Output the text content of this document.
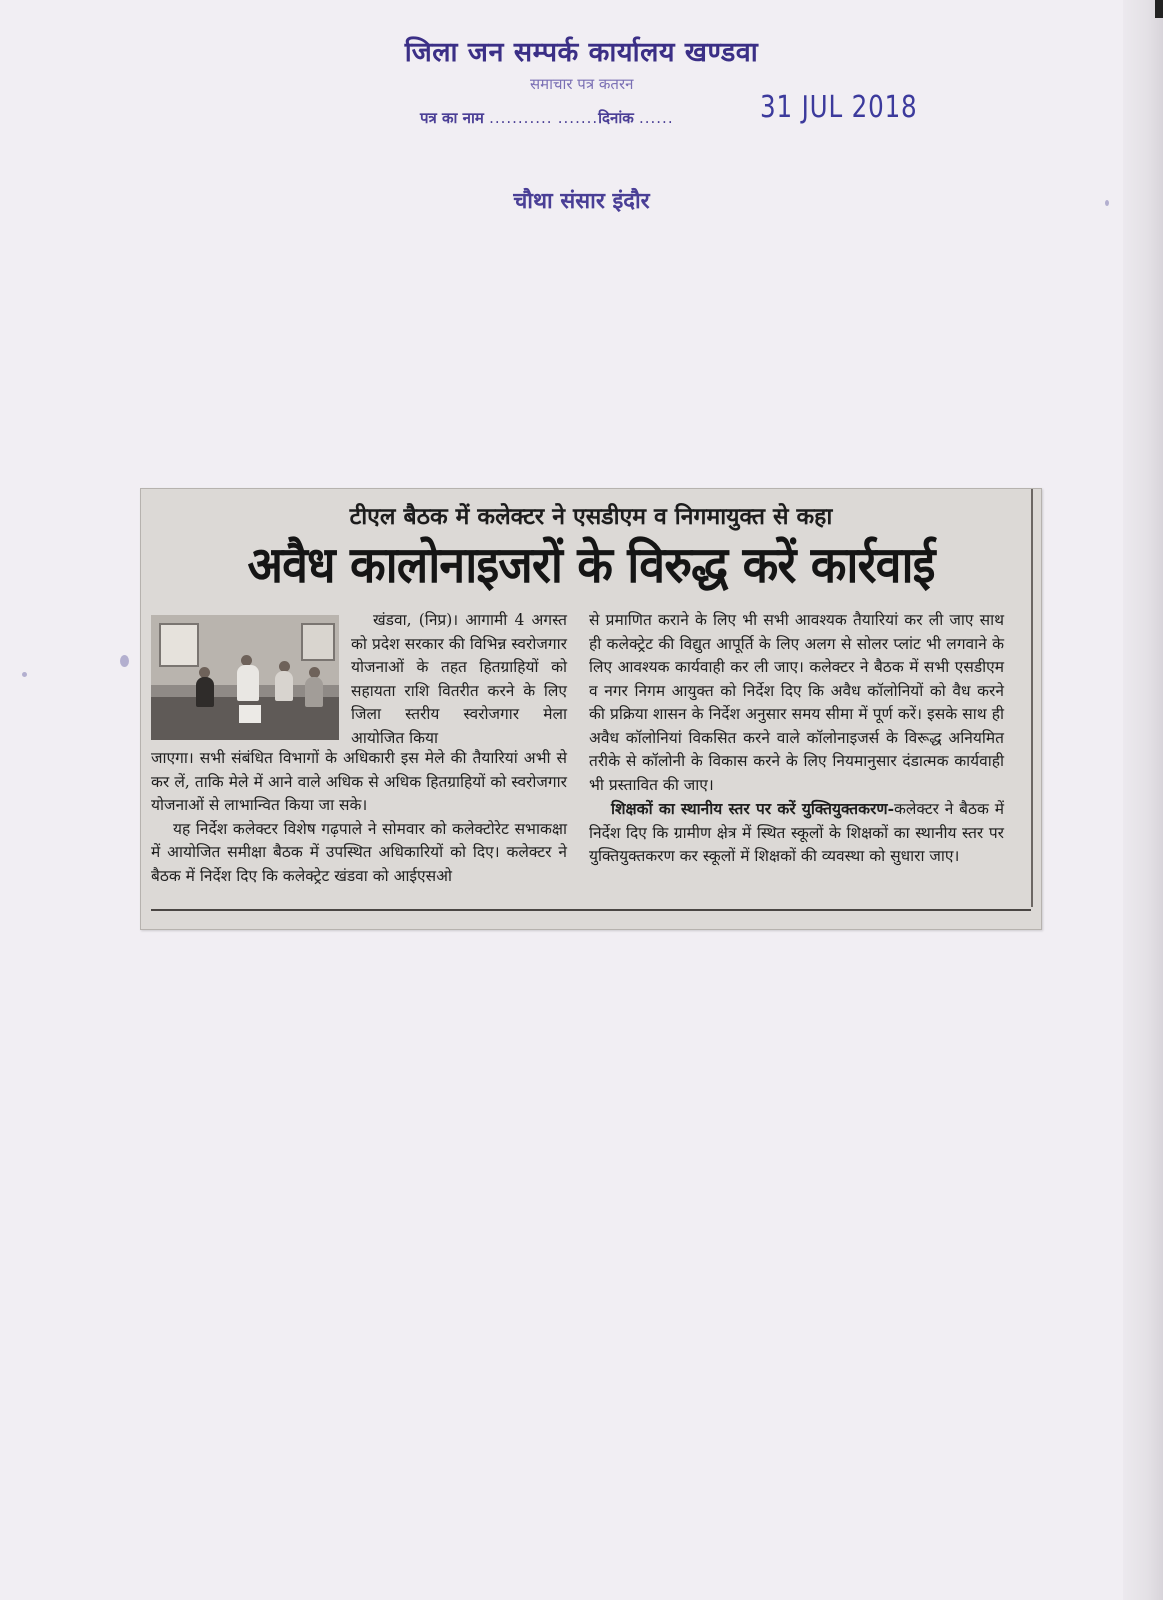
जिला जन सम्पर्क कार्यालय खण्डवा
समाचार पत्र कतरन
पत्र का नाम ........... .......दिनांक ......	31 JUL 2018
चौथा संसार इंदौर
टीएल बैठक में कलेक्टर ने एसडीएम व निगमायुक्त से कहा
अवैध कालोनाइजरों के विरुद्ध करें कार्रवाई

खंडवा, (निप्र)। आगामी 4 अगस्त को प्रदेश सरकार की विभिन्न स्वरोजगार योजनाओं के तहत हितग्राहियों को सहायता राशि वितरीत करने के लिए जिला स्तरीय स्वरोजगार मेला आयोजित किया

जाएगा। सभी संबंधित विभागों के अधिकारी इस मेले की तैयारियां अभी से कर लें, ताकि मेले में आने वाले अधिक से अधिक हितग्राहियों को स्वरोजगार योजनाओं से लाभान्वित किया जा सके।

यह निर्देश कलेक्टर विशेष गढ़पाले ने सोमवार को कलेक्टोरेट सभाकक्षा में आयोजित समीक्षा बैठक में उपस्थित अधिकारियों को दिए। कलेक्टर ने बैठक में निर्देश दिए कि कलेक्ट्रेट खंडवा को आईएसओ

से प्रमाणित कराने के लिए भी सभी आवश्यक तैयारियां कर ली जाए साथ ही कलेक्ट्रेट की विद्युत आपूर्ति के लिए अलग से सोलर प्लांट भी लगवाने के लिए आवश्यक कार्यवाही कर ली जाए। कलेक्टर ने बैठक में सभी एसडीएम व नगर निगम आयुक्त को निर्देश दिए कि अवैध कॉलोनियों को वैध करने की प्रक्रिया शासन के निर्देश अनुसार समय सीमा में पूर्ण करें। इसके साथ ही अवैध कॉलोनियां विकसित करने वाले कॉलोनाइजर्स के विरूद्ध अनियमित तरीके से कॉलोनी के विकास करने के लिए नियमानुसार दंडात्मक कार्यवाही भी प्रस्तावित की जाए।

शिक्षकों का स्थानीय स्तर पर करें युक्तियुक्तकरण-कलेक्टर ने बैठक में निर्देश दिए कि ग्रामीण क्षेत्र में स्थित स्कूलों के शिक्षकों का स्थानीय स्तर पर युक्तियुक्तकरण कर स्कूलों में शिक्षकों की व्यवस्था को सुधारा जाए।
